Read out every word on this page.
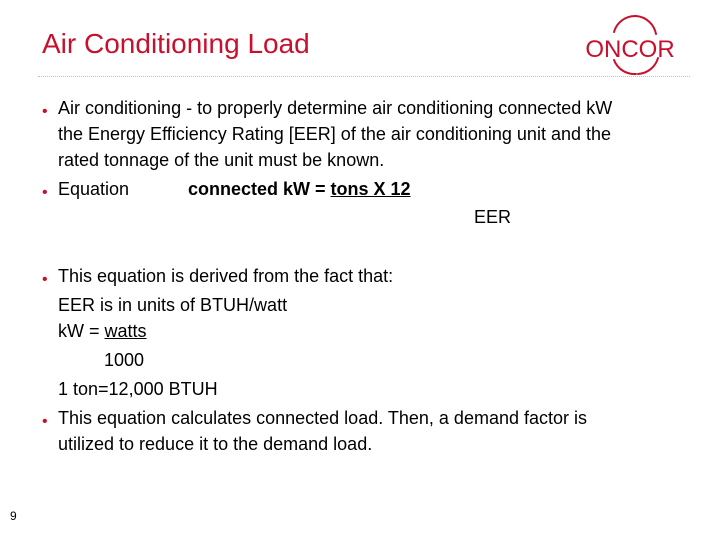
Air Conditioning Load	ONCOR
• Air conditioning - to properly determine air conditioning connected kW
the Energy Efficiency Rating [EER] of the air conditioning unit and the
rated tonnage of the unit must be known.
• Equation	connected kW = tons X 12
EER
• This equation is derived from the fact that:
EER is in units of BTUH/watt
kW = watts
1000
1 ton=12,000 BTUH
• This equation calculates connected load. Then, a demand factor is
utilized to reduce it to the demand load.
9
